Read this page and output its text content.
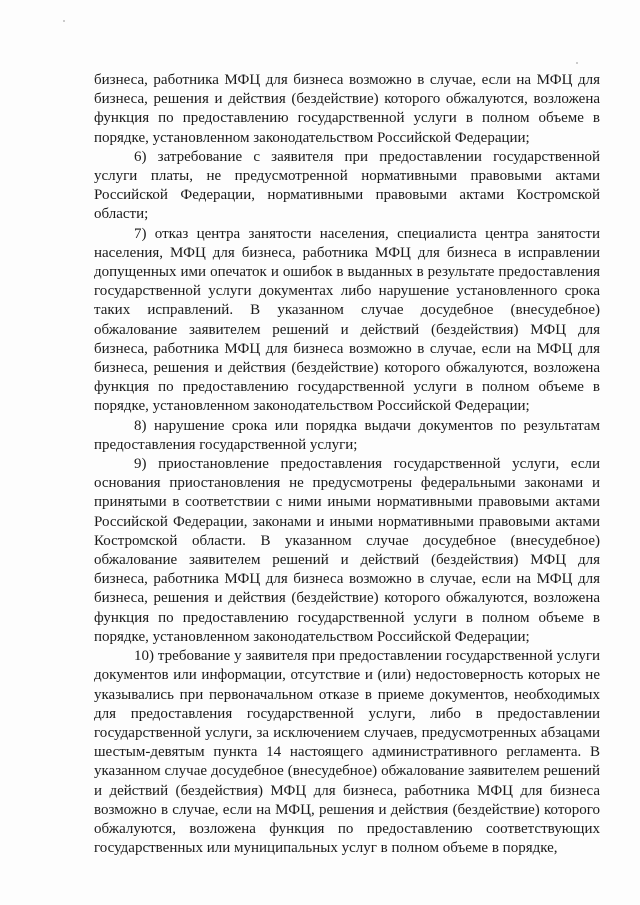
бизнеса, работника МФЦ для бизнеса возможно в случае, если на МФЦ для бизнеса, решения и действия (бездействие) которого обжалуются, возложена функция по предоставлению государственной услуги в полном объеме в порядке, установленном законодательством Российской Федерации;

6) затребование с заявителя при предоставлении государственной услуги платы, не предусмотренной нормативными правовыми актами Российской Федерации, нормативными правовыми актами Костромской области;

7) отказ центра занятости населения, специалиста центра занятости населения, МФЦ для бизнеса, работника МФЦ для бизнеса в исправлении допущенных ими опечаток и ошибок в выданных в результате предоставления государственной услуги документах либо нарушение установленного срока таких исправлений. В указанном случае досудебное (внесудебное) обжалование заявителем решений и действий (бездействия) МФЦ для бизнеса, работника МФЦ для бизнеса возможно в случае, если на МФЦ для бизнеса, решения и действия (бездействие) которого обжалуются, возложена функция по предоставлению государственной услуги в полном объеме в порядке, установленном законодательством Российской Федерации;

8) нарушение срока или порядка выдачи документов по результатам предоставления государственной услуги;

9) приостановление предоставления государственной услуги, если основания приостановления не предусмотрены федеральными законами и принятыми в соответствии с ними иными нормативными правовыми актами Российской Федерации, законами и иными нормативными правовыми актами Костромской области. В указанном случае досудебное (внесудебное) обжалование заявителем решений и действий (бездействия) МФЦ для бизнеса, работника МФЦ для бизнеса возможно в случае, если на МФЦ для бизнеса, решения и действия (бездействие) которого обжалуются, возложена функция по предоставлению государственной услуги в полном объеме в порядке, установленном законодательством Российской Федерации;

10) требование у заявителя при предоставлении государственной услуги документов или информации, отсутствие и (или) недостоверность которых не указывались при первоначальном отказе в приеме документов, необходимых для предоставления государственной услуги, либо в предоставлении государственной услуги, за исключением случаев, предусмотренных абзацами шестым-девятым пункта 14 настоящего административного регламента. В указанном случае досудебное (внесудебное) обжалование заявителем решений и действий (бездействия) МФЦ для бизнеса, работника МФЦ для бизнеса возможно в случае, если на МФЦ, решения и действия (бездействие) которого обжалуются, возложена функция по предоставлению соответствующих государственных или муниципальных услуг в полном объеме в порядке,
